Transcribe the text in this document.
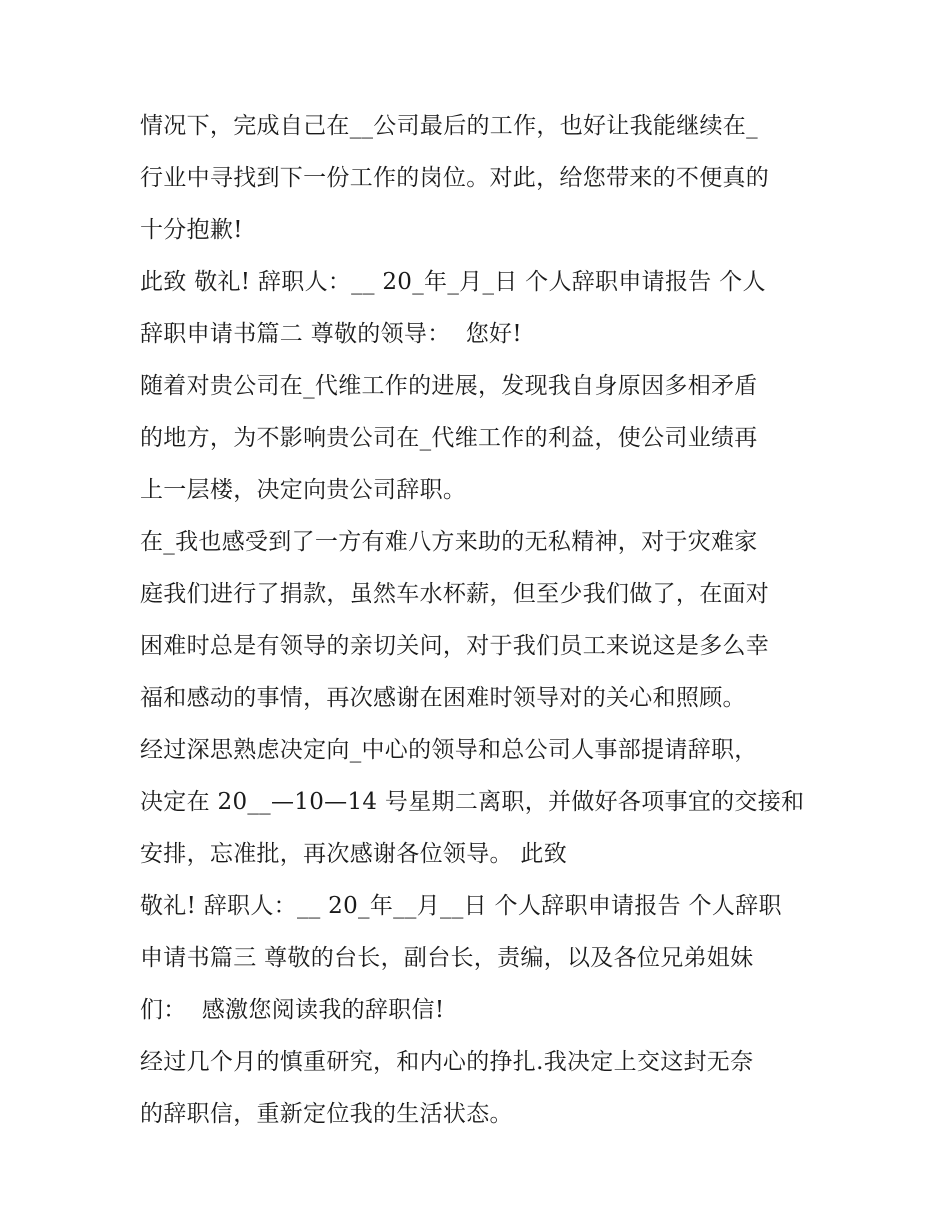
情况下，完成自己在__公司最后的工作，也好让我能继续在_
行业中寻找到下一份工作的岗位。对此，给您带来的不便真的
十分抱歉!
此致 敬礼! 辞职人：__ 20_年_月_日 个人辞职申请报告 个人
辞职申请书篇二 尊敬的领导：  您好!
随着对贵公司在_代维工作的进展，发现我自身原因多相矛盾
的地方，为不影响贵公司在_代维工作的利益，使公司业绩再
上一层楼，决定向贵公司辞职。
在_我也感受到了一方有难八方来助的无私精神，对于灾难家
庭我们进行了捐款，虽然车水杯薪，但至少我们做了，在面对
困难时总是有领导的亲切关问，对于我们员工来说这是多么幸
福和感动的事情，再次感谢在困难时领导对的关心和照顾。
经过深思熟虑决定向_中心的领导和总公司人事部提请辞职，
决定在 20__—10—14 号星期二离职，并做好各项事宜的交接和
安排，忘准批，再次感谢各位领导。 此致
敬礼! 辞职人：__ 20_年__月__日 个人辞职申请报告 个人辞职
申请书篇三 尊敬的台长，副台长，责编，以及各位兄弟姐妹
们：  感激您阅读我的辞职信!
经过几个月的慎重研究，和内心的挣扎.我决定上交这封无奈
的辞职信，重新定位我的生活状态。
